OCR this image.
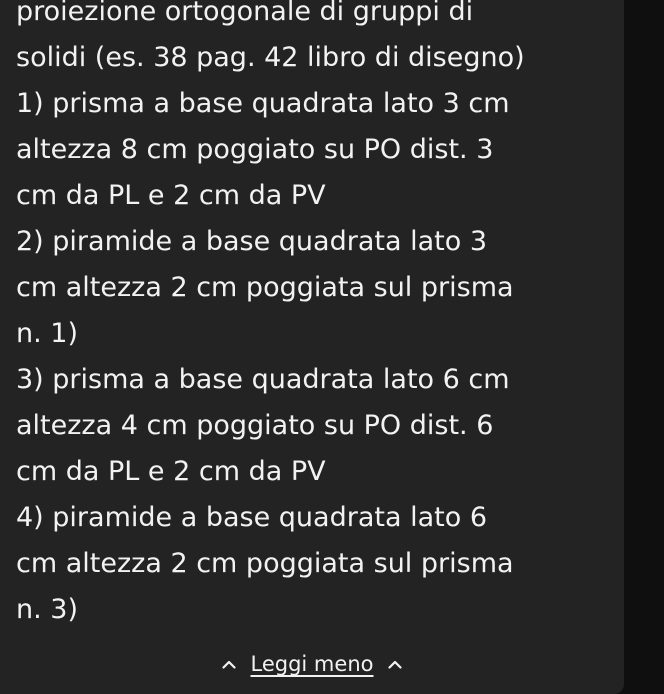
proiezione ortogonale di gruppi di
solidi (es. 38 pag. 42 libro di disegno)
1) prisma a base quadrata lato 3 cm
altezza 8 cm poggiato su PO dist. 3
cm da PL e 2 cm da PV
2) piramide a base quadrata lato 3
cm altezza 2 cm poggiata sul prisma
n. 1)
3) prisma a base quadrata lato 6 cm
altezza 4 cm poggiato su PO dist. 6
cm da PL e 2 cm da PV
4) piramide a base quadrata lato 6
cm altezza 2 cm poggiata sul prisma
n. 3)
Leggi meno
